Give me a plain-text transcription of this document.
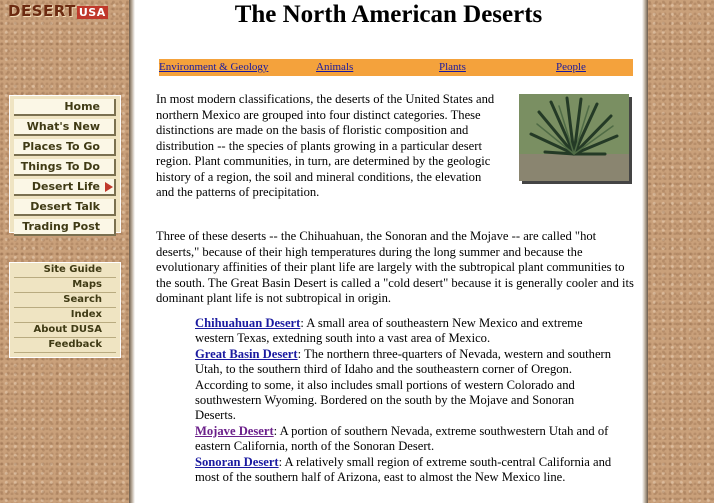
DESERT USA
Home
What's New
Places To Go
Things To Do
Desert Life
Desert Talk
Trading Post
Site Guide
Maps
Search
Index
About DUSA
Feedback
The North American Deserts
Environment & Geology	Animals	Plants	People
In most modern classifications, the deserts of the United States and northern Mexico are grouped into four distinct categories. These distinctions are made on the basis of floristic composition and distribution -- the species of plants growing in a particular desert region. Plant communities, in turn, are determined by the geologic history of a region, the soil and mineral conditions, the elevation and the patterns of precipitation.
Three of these deserts -- the Chihuahuan, the Sonoran and the Mojave -- are called "hot deserts," because of their high temperatures during the long summer and because the evolutionary affinities of their plant life are largely with the subtropical plant communities to the south. The Great Basin Desert is called a "cold desert" because it is generally cooler and its dominant plant life is not subtropical in origin.

Chihuahuan Desert: A small area of southeastern New Mexico and extreme western Texas, extedning south into a vast area of Mexico.

Great Basin Desert: The northern three-quarters of Nevada, western and southern Utah, to the southern third of Idaho and the southeastern corner of Oregon. According to some, it also includes small portions of western Colorado and southwestern Wyoming. Bordered on the south by the Mojave and Sonoran Deserts.

Mojave Desert: A portion of southern Nevada, extreme southwestern Utah and of eastern California, north of the Sonoran Desert.

Sonoran Desert: A relatively small region of extreme south-central California and most of the southern half of Arizona, east to almost the New Mexico line.
